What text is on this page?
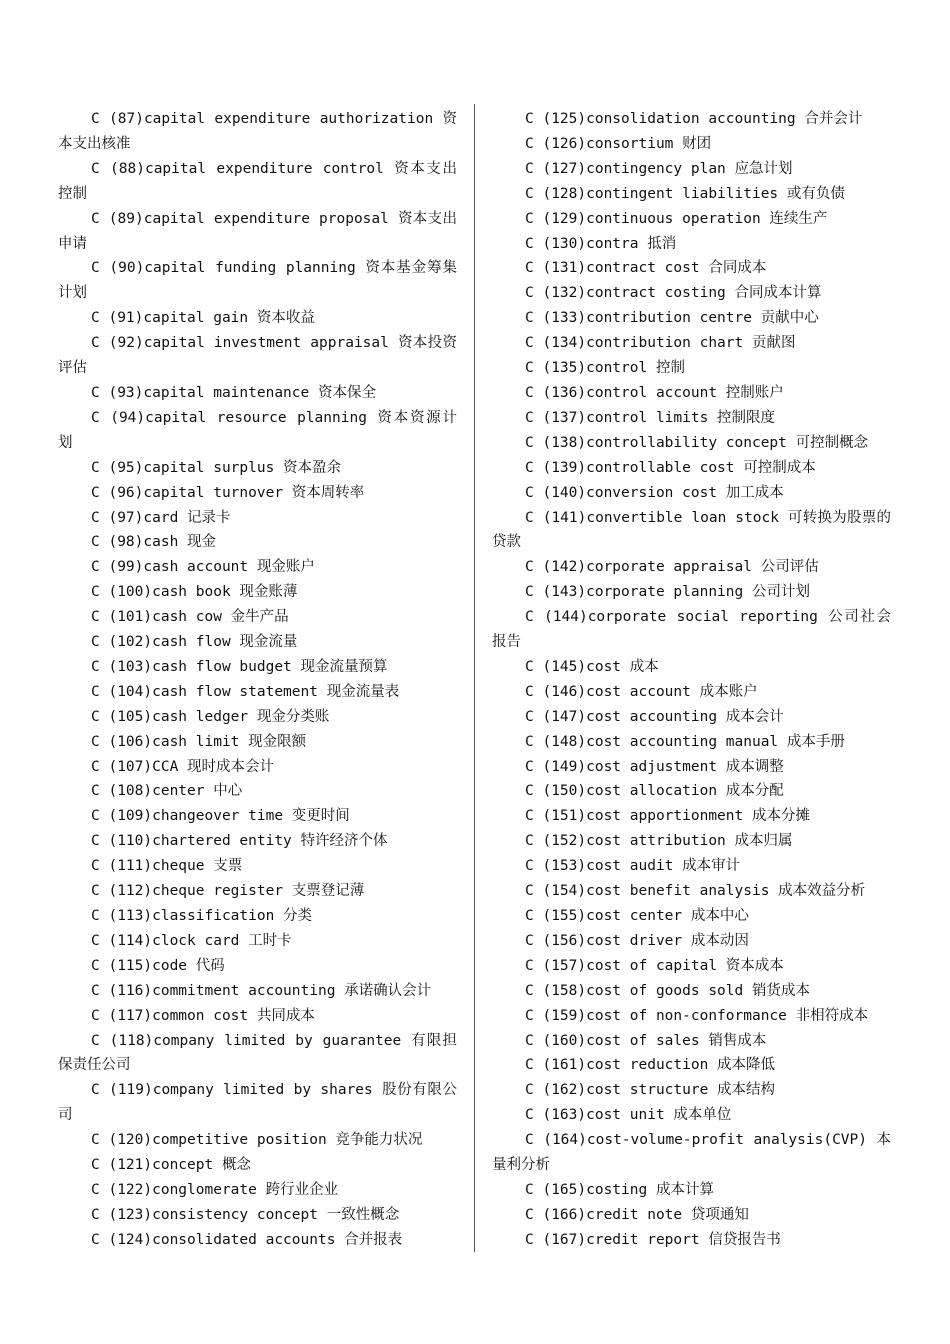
C (87)capital expenditure authorization 资本支出核准
C (88)capital expenditure control 资本支出控制
C (89)capital expenditure proposal 资本支出申请
C (90)capital funding planning 资本基金筹集计划
C (91)capital gain 资本收益
C (92)capital investment appraisal 资本投资评估
C (93)capital maintenance 资本保全
C (94)capital resource planning 资本资源计划
C (95)capital surplus 资本盈余
C (96)capital turnover 资本周转率
C (97)card 记录卡
C (98)cash 现金
C (99)cash account 现金账户
C (100)cash book 现金账薄
C (101)cash cow 金牛产品
C (102)cash flow 现金流量
C (103)cash flow budget 现金流量预算
C (104)cash flow statement 现金流量表
C (105)cash ledger 现金分类账
C (106)cash limit 现金限额
C (107)CCA 现时成本会计
C (108)center 中心
C (109)changeover time 变更时间
C (110)chartered entity 特许经济个体
C (111)cheque 支票
C (112)cheque register 支票登记薄
C (113)classification 分类
C (114)clock card 工时卡
C (115)code 代码
C (116)commitment accounting 承诺确认会计
C (117)common cost 共同成本
C (118)company limited by guarantee 有限担保责任公司
C (119)company limited by shares 股份有限公司
C (120)competitive position 竞争能力状况
C (121)concept 概念
C (122)conglomerate 跨行业企业
C (123)consistency concept 一致性概念
C (124)consolidated accounts 合并报表
C (125)consolidation accounting 合并会计
C (126)consortium 财团
C (127)contingency plan 应急计划
C (128)contingent liabilities 或有负债
C (129)continuous operation 连续生产
C (130)contra 抵消
C (131)contract cost 合同成本
C (132)contract costing 合同成本计算
C (133)contribution centre 贡献中心
C (134)contribution chart 贡献图
C (135)control 控制
C (136)control account 控制账户
C (137)control limits 控制限度
C (138)controllability concept 可控制概念
C (139)controllable cost 可控制成本
C (140)conversion cost 加工成本
C (141)convertible loan stock 可转换为股票的贷款
C (142)corporate appraisal 公司评估
C (143)corporate planning 公司计划
C (144)corporate social reporting 公司社会报告
C (145)cost 成本
C (146)cost account 成本账户
C (147)cost accounting 成本会计
C (148)cost accounting manual 成本手册
C (149)cost adjustment 成本调整
C (150)cost allocation 成本分配
C (151)cost apportionment 成本分摊
C (152)cost attribution 成本归属
C (153)cost audit 成本审计
C (154)cost benefit analysis 成本效益分析
C (155)cost center 成本中心
C (156)cost driver 成本动因
C (157)cost of capital 资本成本
C (158)cost of goods sold 销货成本
C (159)cost of non-conformance 非相符成本
C (160)cost of sales 销售成本
C (161)cost reduction 成本降低
C (162)cost structure 成本结构
C (163)cost unit 成本单位
C (164)cost-volume-profit analysis(CVP) 本量利分析
C (165)costing 成本计算
C (166)credit note 贷项通知
C (167)credit report 信贷报告书
